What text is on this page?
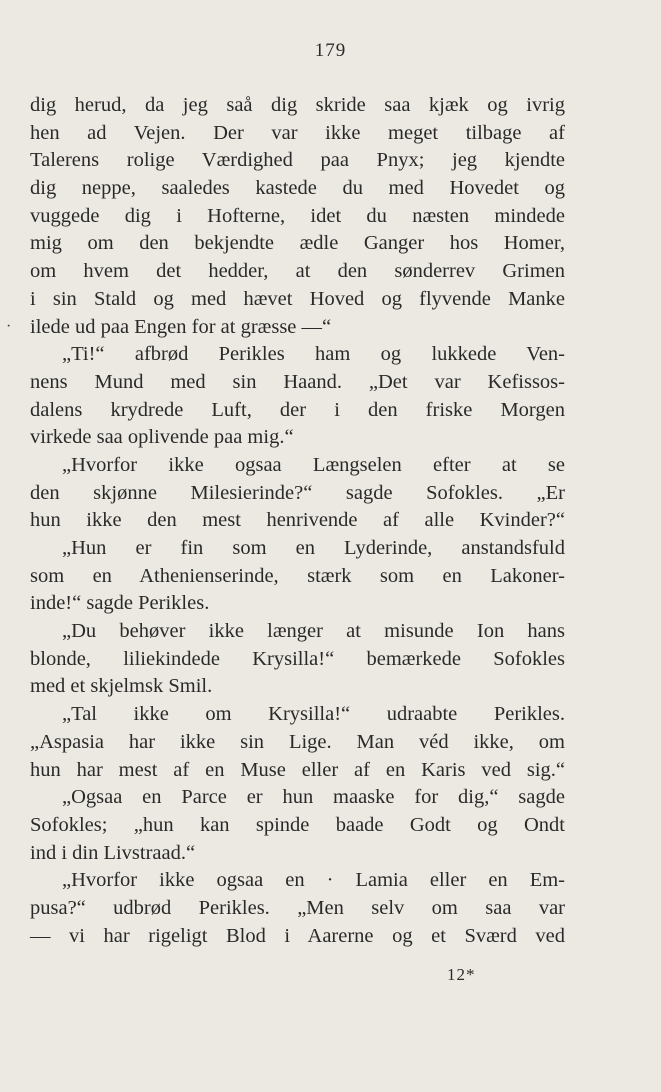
179
·
dig herud, da jeg saå dig skride saa kjæk og ivrig
hen ad Vejen. Der var ikke meget tilbage af
Talerens rolige Værdighed paa Pnyx; jeg kjendte
dig neppe, saaledes kastede du med Hovedet og
vuggede dig i Hofterne, idet du næsten mindede
mig om den bekjendte ædle Ganger hos Homer,
om hvem det hedder, at den sønderrev Grimen
i sin Stald og med hævet Hoved og flyvende Manke
ilede ud paa Engen for at græsse —“
„Ti!“ afbrød Perikles ham og lukkede Ven-
nens Mund med sin Haand. „Det var Kefissos-
dalens krydrede Luft, der i den friske Morgen
virkede saa oplivende paa mig.“
„Hvorfor ikke ogsaa Længselen efter at se
den skjønne Milesierinde?“ sagde Sofokles. „Er
hun ikke den mest henrivende af alle Kvinder?“
„Hun er fin som en Lyderinde, anstandsfuld
som en Athenienserinde, stærk som en Lakoner-
inde!“ sagde Perikles.
„Du behøver ikke længer at misunde Ion hans
blonde, liliekindede Krysilla!“ bemærkede Sofokles
med et skjelmsk Smil.
„Tal ikke om Krysilla!“ udraabte Perikles.
„Aspasia har ikke sin Lige. Man véd ikke, om
hun har mest af en Muse eller af en Karis ved sig.“
„Ogsaa en Parce er hun maaske for dig,“ sagde
Sofokles; „hun kan spinde baade Godt og Ondt
ind i din Livstraad.“
„Hvorfor ikke ogsaa en · Lamia eller en Em-
pusa?“ udbrød Perikles. „Men selv om saa var
— vi har rigeligt Blod i Aarerne og et Sværd ved
12*
